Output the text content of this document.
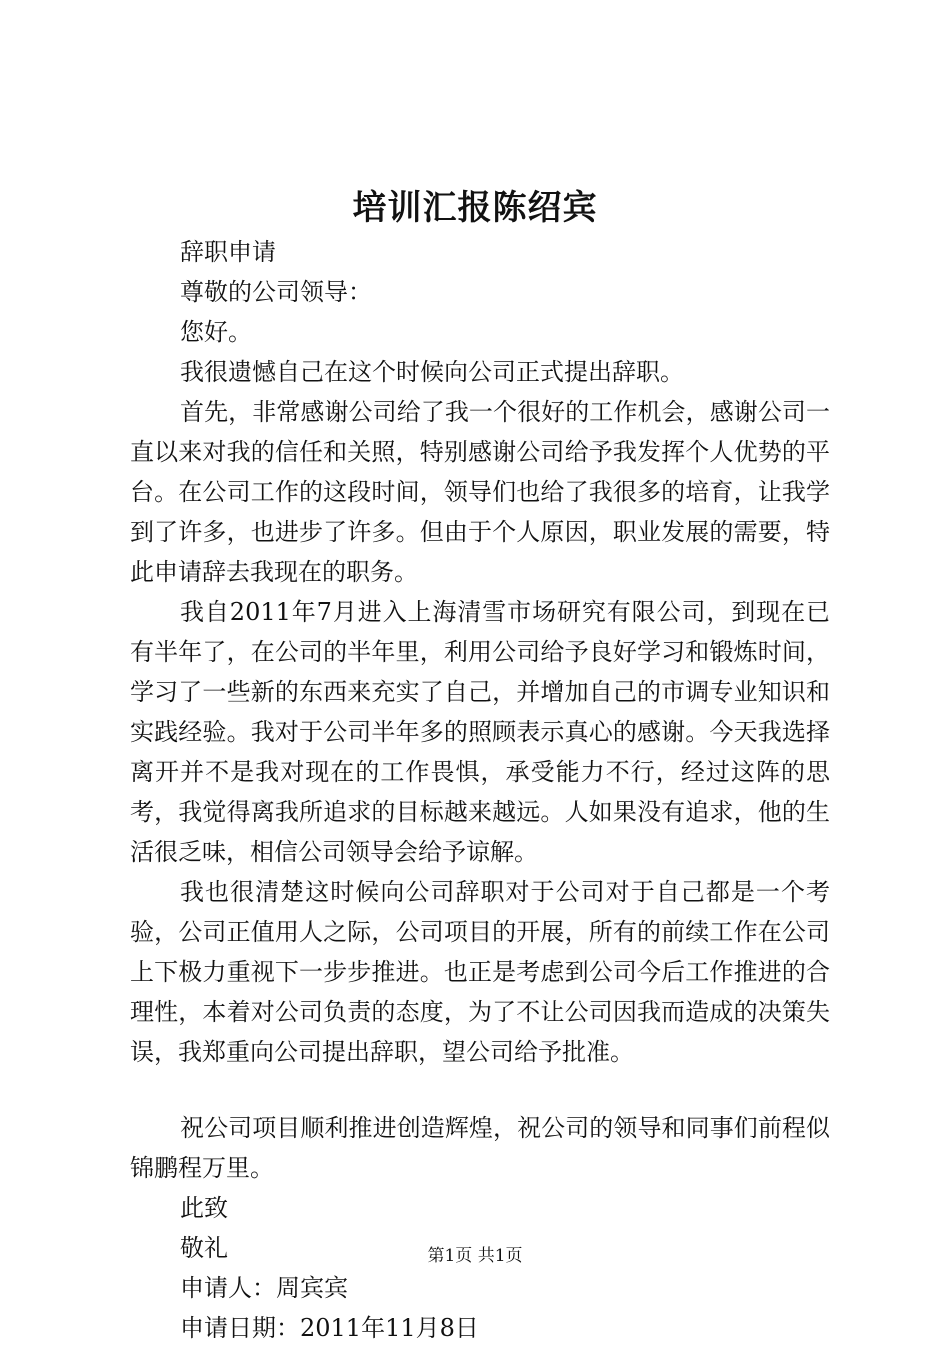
培训汇报陈绍宾

辞职申请

尊敬的公司领导：

您好。

我很遗憾自己在这个时候向公司正式提出辞职。

首先，非常感谢公司给了我一个很好的工作机会，感谢公司一直以来对我的信任和关照，特别感谢公司给予我发挥个人优势的平台。在公司工作的这段时间，领导们也给了我很多的培育，让我学到了许多，也进步了许多。但由于个人原因，职业发展的需要，特此申请辞去我现在的职务。

我自2011年7月进入上海清雪市场研究有限公司，到现在已有半年了，在公司的半年里，利用公司给予良好学习和锻炼时间，学习了一些新的东西来充实了自己，并增加自己的市调专业知识和实践经验。我对于公司半年多的照顾表示真心的感谢。今天我选择离开并不是我对现在的工作畏惧，承受能力不行，经过这阵的思考，我觉得离我所追求的目标越来越远。人如果没有追求，他的生活很乏味，相信公司领导会给予谅解。

我也很清楚这时候向公司辞职对于公司对于自己都是一个考验，公司正值用人之际，公司项目的开展，所有的前续工作在公司上下极力重视下一步步推进。也正是考虑到公司今后工作推进的合理性，本着对公司负责的态度，为了不让公司因我而造成的决策失误，我郑重向公司提出辞职，望公司给予批准。

祝公司项目顺利推进创造辉煌，祝公司的领导和同事们前程似锦鹏程万里。

此致

敬礼

申请人：周宾宾

申请日期：2011年11月8日

第1页 共1页
